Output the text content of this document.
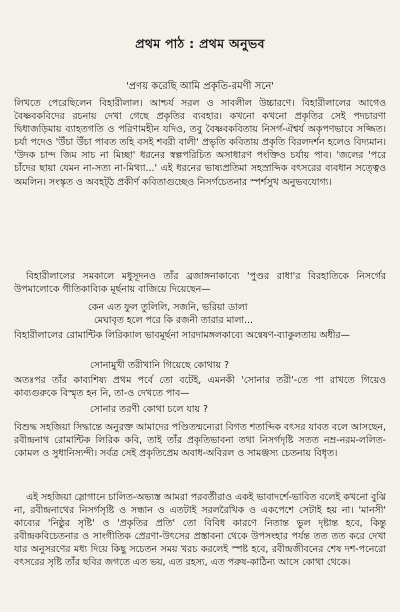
প্রথম পাঠ : প্রথম অনুভব

'প্রণয় করেছি আমি প্রকৃতি-রমণী সনে'

লিখতে পেরেছিলেন বিহারীলাল। আশ্চর্য সরল ও সাবলীল উচ্চারণে। বিহারীলালের আগেও বৈষ্ণবকবিদের রচনায় দেখা গেছে প্রকৃতির ব্যবহার। কখনো কখনো প্রকৃতির সেই পদচারণা দ্বিধাজড়িমায় ব্যাহতগতি ও পরিণামহীন যদিও, তবু বৈষ্ণবকবিতায় নিসর্গ-ঐশ্বর্য অকৃপণভাবে সজ্জিত। চর্যা পদেও 'উঁচা উঁচা পাবত তহি বসই শবরী বালী' প্রভৃতি কবিতায় প্রকৃতি বিরলদর্শন হলেও বিদ্যমান। 'উদক চান্দ জিম সাচ না মিচ্ছা' ধরনের স্বল্পপরিচিত অসাধারণ পংক্তিও চর্যায় পাব। 'জলের 'পরে চাঁদের ছায়া যেমন না-সত্য না-মিথ্যা...' এই ধরনের ভাষ্যপ্রতিমা সহস্রাব্দিক বৎসরের ব্যবধান সত্ত্বেও অমলিন। সংস্কৃত ও অবহট্ঠ প্রকীর্ণ কবিতাগুচ্ছেও নিসর্গচেতনার স্পর্শসুখ অনুভবযোগ্য।

বিহারীলালের সমকালে মধুসূদনও তাঁর ব্রজাঙ্গনাকাব্যে 'পুণ্ডর রাধা'র বিরহাতিকে নিসর্গের উপমালোকে গীতিকাব্যিক মূর্ছনায় বাজিয়ে দিয়েছেন—

কেন এত ফুল তুলিলি, সজনি, ভরিয়া ডালা

মেঘাবৃত হলে পরে কি রজনী তারার মালা...

বিহারীলালের রোমান্টিক লিরিক্যাল ভাবমূর্ছনা সারদামঙ্গলকাব্যে অন্বেষণ-ব্যাকুলতায় অধীর—

সোনামুখী তরীখানি গিয়েছে কোথায় ?

অতঃপর তাঁর কাব্যশিষ্য প্রথম পর্বে তো বটেই, এমনকী 'সোনার তরী'-তে পা রাখতে গিয়েও কাব্যগুরুকে বিস্মৃত হন নি, তা-ও দেখতে পাব—

সোনার তরণী কোথা চলে যায় ?

বিশুদ্ধ সহজিয়া সিদ্ধান্তে অনুরক্ত আমাদের পণ্ডিতম্মন্যেরা বিগত শতাব্দিক বৎসর যাবত বলে আসছেন, রবীন্দ্রনাথ রোমান্টিক লিরিক কবি, তাই তাঁর প্রকৃতিভাবনা তথা নিসর্গদৃষ্টি সতত নম্র-নরম-ললিত-কোমল ও সুধানিস্যন্দী। সর্বত্র সেই প্রকৃতিপ্রেম অবাধ-অবিরল ও সামঞ্জস্য চেতনায় বিধৃত।

এই সহজিয়া স্লোগানে চালিত-অভ্যস্ত আমরা পরবর্তীরাও একই ভাবাদর্শে-ভাবিত বলেই কখনো বুঝি না, রবীন্দ্রনাথের নিসর্গসৃষ্টি ও সন্ধান ও এতটাই সরলরৈখিক ও একপেশে সেটাই হয় না। 'মানসী' কাব্যের 'নিষ্ঠুর সৃষ্টি' ও 'প্রকৃতির প্রতি' তো বিবিধ কারণে নিতান্ত ভুল দৃষ্টান্ত হবে, কিন্তু রবীন্দ্রকবিচেতনার ও সাংগীতিক প্রেরণা-উৎসের প্রস্তাবনা থেকে উপসংহার পর্যন্ত তত তত করে দেখা যার অনুসরণের মধ্য দিয়ে কিছু সচেতন সময় খরচ করলেই স্পষ্ট হবে, রবীন্দ্রজীবনের শেষ দশ-পনেরো বৎসরের সৃষ্টি তাঁর ছবির জগতে এত ভয়, এত রহস্য, এত পরুষ-কাঠিন্য আসে কোথা থেকে।
